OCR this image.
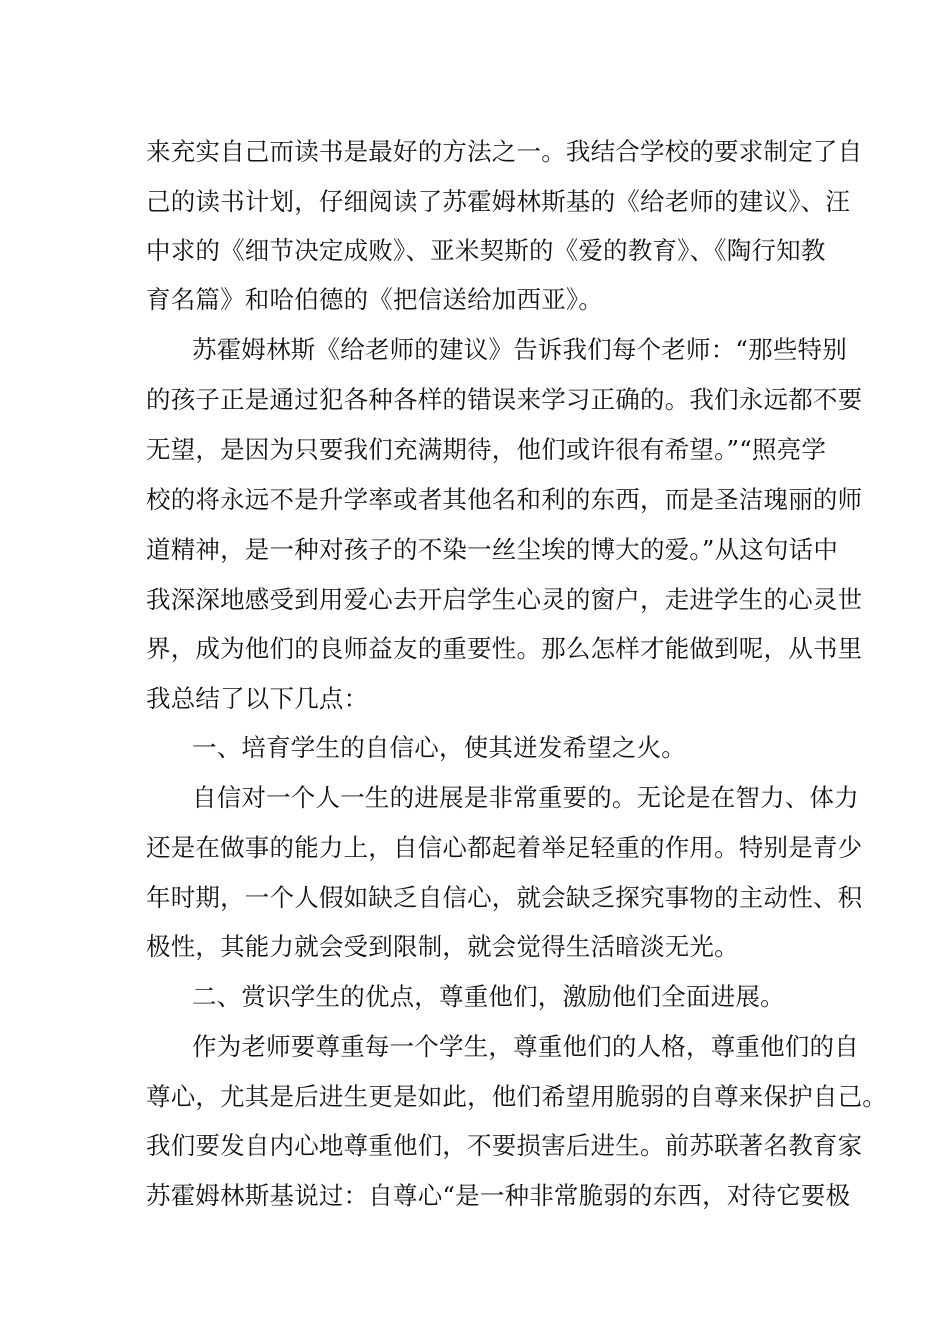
来充实自己而读书是最好的方法之一。我结合学校的要求制定了自
己的读书计划，仔细阅读了苏霍姆林斯基的《给老师的建议》、汪
中求的《细节决定成败》、亚米契斯的《爱的教育》、《陶行知教
育名篇》和哈伯德的《把信送给加西亚》。
苏霍姆林斯《给老师的建议》告诉我们每个老师：“那些特别
的孩子正是通过犯各种各样的错误来学习正确的。我们永远都不要
无望，是因为只要我们充满期待，他们或许很有希望。”“照亮学
校的将永远不是升学率或者其他名和利的东西，而是圣洁瑰丽的师
道精神，是一种对孩子的不染一丝尘埃的博大的爱。”从这句话中
我深深地感受到用爱心去开启学生心灵的窗户，走进学生的心灵世
界，成为他们的良师益友的重要性。那么怎样才能做到呢，从书里
我总结了以下几点：
一、培育学生的自信心，使其迸发希望之火。
自信对一个人一生的进展是非常重要的。无论是在智力、体力
还是在做事的能力上，自信心都起着举足轻重的作用。特别是青少
年时期，一个人假如缺乏自信心，就会缺乏探究事物的主动性、积
极性，其能力就会受到限制，就会觉得生活暗淡无光。
二、赏识学生的优点，尊重他们，激励他们全面进展。
作为老师要尊重每一个学生，尊重他们的人格，尊重他们的自
尊心，尤其是后进生更是如此，他们希望用脆弱的自尊来保护自己。
我们要发自内心地尊重他们，不要损害后进生。前苏联著名教育家
苏霍姆林斯基说过：自尊心“是一种非常脆弱的东西，对待它要极
